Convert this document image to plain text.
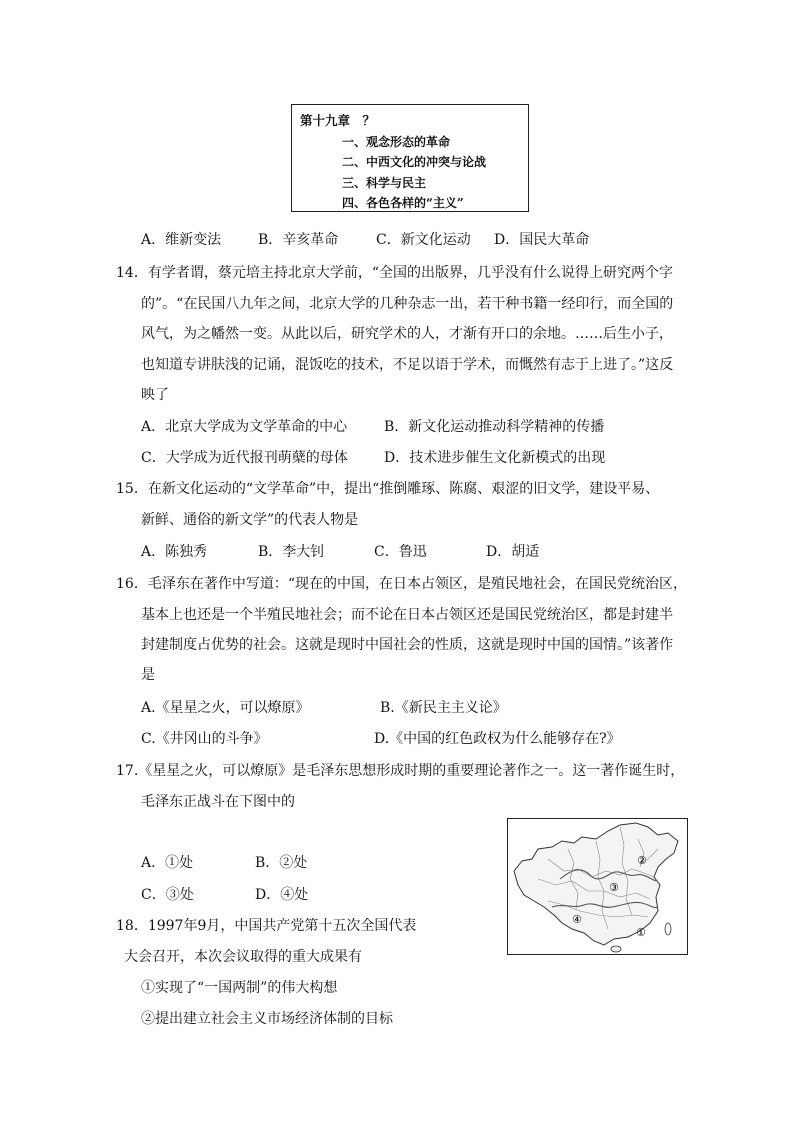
第十九章　？
一、观念形态的革命
二、中西文化的冲突与论战
三、科学与民主
四、各色各样的“主义”
A．维新变法	B．辛亥革命	C．新文化运动 D．国民大革命
14．有学者谓，蔡元培主持北京大学前，“全国的出版界，几乎没有什么说得上研究两个字
的”。“在民国八九年之间，北京大学的几种杂志一出，若干种书籍一经印行，而全国的
风气，为之幡然一变。从此以后，研究学术的人，才渐有开口的余地。……后生小子，
也知道专讲肤浅的记诵，混饭吃的技术，不足以语于学术，而慨然有志于上进了。”这反
映了
A．北京大学成为文学革命的中心	B．新文化运动推动科学精神的传播
C．大学成为近代报刊萌蘖的母体	D．技术进步催生文化新模式的出现
15．在新文化运动的“文学革命”中，提出“推倒雕琢、陈腐、艰涩的旧文学，建设平易、
新鲜、通俗的新文学”的代表人物是
A．陈独秀	B．李大钊	C．鲁迅	D．胡适
16．毛泽东在著作中写道：“现在的中国，在日本占领区，是殖民地社会，在国民党统治区，
基本上也还是一个半殖民地社会；而不论在日本占领区还是国民党统治区，都是封建半
封建制度占优势的社会。这就是现时中国社会的性质，这就是现时中国的国情。”该著作
是
A.《星星之火，可以燎原》	B.《新民主主义论》
C.《井冈山的斗争》	D.《中国的红色政权为什么能够存在?》
17.《星星之火，可以燎原》是毛泽东思想形成时期的重要理论著作之一。这一著作诞生时，
毛泽东正战斗在下图中的
A．①处	B．②处
C．③处	D．④处
①
②
③
④
18．1997年9月，中国共产党第十五次全国代表
大会召开，本次会议取得的重大成果有
①实现了“一国两制”的伟大构想
②提出建立社会主义市场经济体制的目标
